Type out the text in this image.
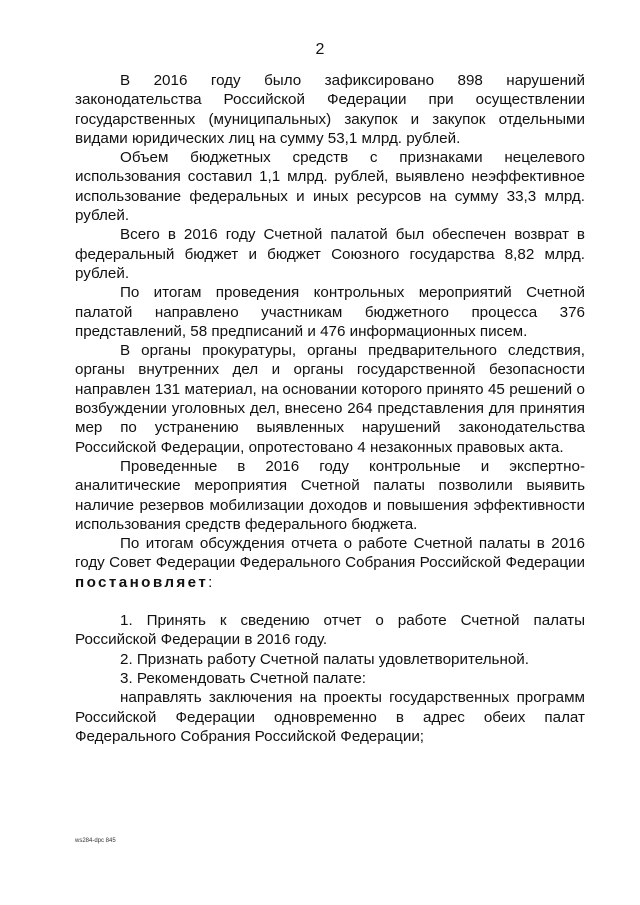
2

В 2016 году было зафиксировано 898 нарушений законодательства Российской Федерации при осуществлении государственных (муниципальных) закупок и закупок отдельными видами юридических лиц на сумму 53,1 млрд. рублей.

Объем бюджетных средств с признаками нецелевого использования составил 1,1 млрд. рублей, выявлено неэффективное использование федеральных и иных ресурсов на сумму 33,3 млрд. рублей.

Всего в 2016 году Счетной палатой был обеспечен возврат в федеральный бюджет и бюджет Союзного государства 8,82 млрд. рублей.

По итогам проведения контрольных мероприятий Счетной палатой направлено участникам бюджетного процесса 376 представлений, 58 предписаний и 476 информационных писем.

В органы прокуратуры, органы предварительного следствия, органы внутренних дел и органы государственной безопасности направлен 131 материал, на основании которого принято 45 решений о возбуждении уголовных дел, внесено 264 представления для принятия мер по устранению выявленных нарушений законодательства Российской Федерации, опротестовано 4 незаконных правовых акта.

Проведенные в 2016 году контрольные и экспертно-аналитические мероприятия Счетной палаты позволили выявить наличие резервов мобилизации доходов и повышения эффективности использования средств федерального бюджета.

По итогам обсуждения отчета о работе Счетной палаты в 2016 году Совет Федерации Федерального Собрания Российской Федерации постановляет:

1. Принять к сведению отчет о работе Счетной палаты Российской Федерации в 2016 году.

2. Признать работу Счетной палаты удовлетворительной.

3. Рекомендовать Счетной палате:

направлять заключения на проекты государственных программ Российской Федерации одновременно в адрес обеих палат Федерального Собрания Российской Федерации;

ws284-dpc 845
